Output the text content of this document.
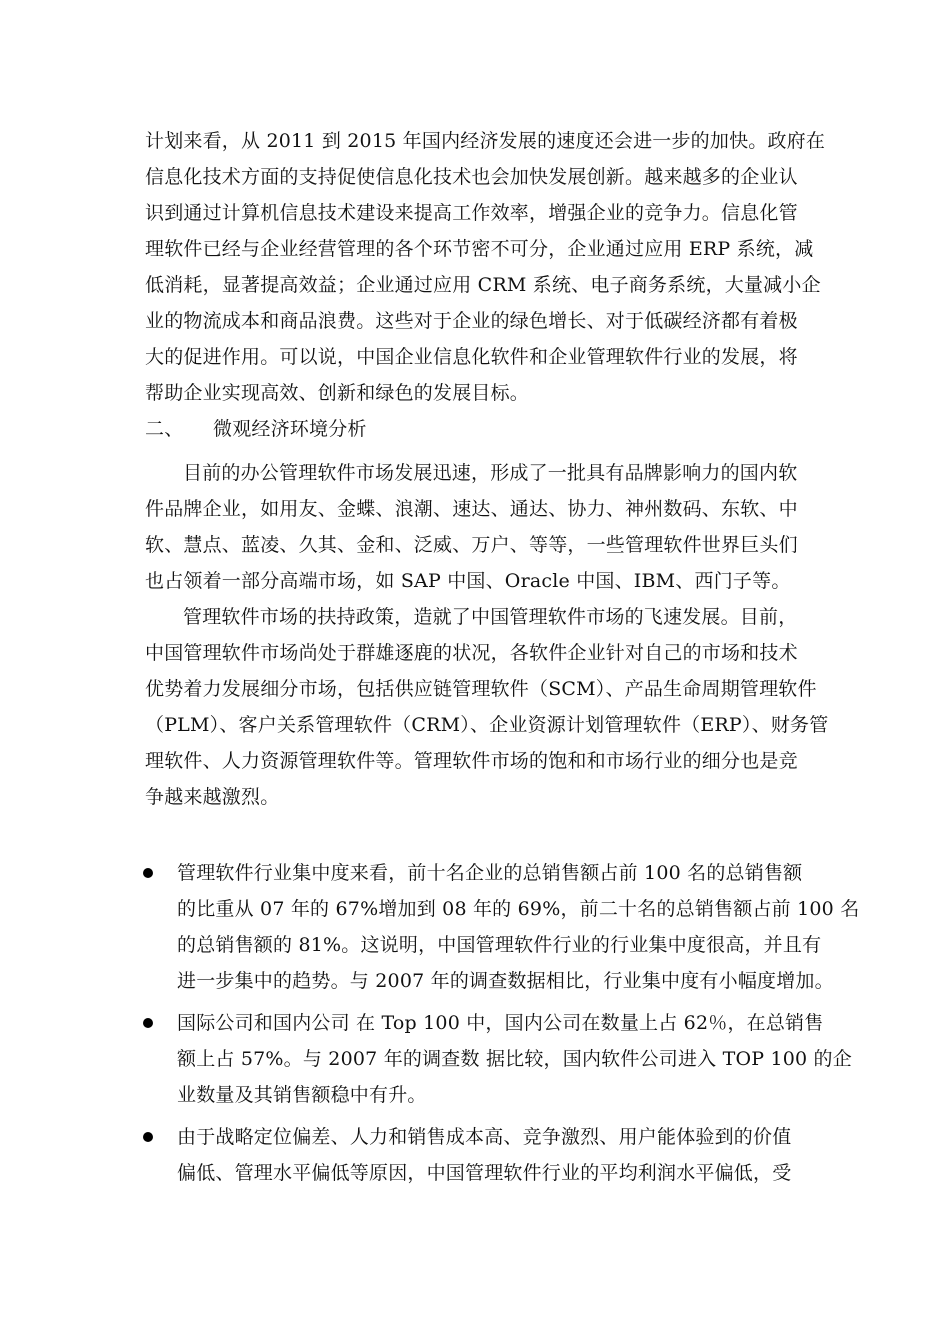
计划来看，从 2011 到 2015 年国内经济发展的速度还会进一步的加快。政府在
信息化技术方面的支持促使信息化技术也会加快发展创新。越来越多的企业认
识到通过计算机信息技术建设来提高工作效率，增强企业的竞争力。信息化管
理软件已经与企业经营管理的各个环节密不可分，企业通过应用 ERP 系统，减
低消耗，显著提高效益；企业通过应用 CRM 系统、电子商务系统，大量减小企
业的物流成本和商品浪费。这些对于企业的绿色增长、对于低碳经济都有着极
大的促进作用。可以说，中国企业信息化软件和企业管理软件行业的发展，将
帮助企业实现高效、创新和绿色的发展目标。
二、 微观经济环境分析
目前的办公管理软件市场发展迅速，形成了一批具有品牌影响力的国内软
件品牌企业，如用友、金蝶、浪潮、速达、通达、协力、神州数码、东软、中
软、慧点、蓝凌、久其、金和、泛威、万户、等等，一些管理软件世界巨头们
也占领着一部分高端市场，如 SAP 中国、Oracle 中国、IBM、西门子等。
管理软件市场的扶持政策，造就了中国管理软件市场的飞速发展。目前，
中国管理软件市场尚处于群雄逐鹿的状况，各软件企业针对自己的市场和技术
优势着力发展细分市场，包括供应链管理软件（SCM）、产品生命周期管理软件
（PLM）、客户关系管理软件（CRM）、企业资源计划管理软件（ERP）、财务管
理软件、人力资源管理软件等。管理软件市场的饱和和市场行业的细分也是竞
争越来越激烈。
管理软件行业集中度来看，前十名企业的总销售额占前 100 名的总销售额
的比重从 07 年的 67%增加到 08 年的 69%，前二十名的总销售额占前 100 名
的总销售额的 81%。这说明，中国管理软件行业的行业集中度很高，并且有
进一步集中的趋势。与 2007 年的调查数据相比，行业集中度有小幅度增加。
国际公司和国内公司 在 Top 100 中，国内公司在数量上占 62％，在总销售
额上占 57%。与 2007 年的调查数 据比较，国内软件公司进入 TOP 100 的企
业数量及其销售额稳中有升。
由于战略定位偏差、人力和销售成本高、竞争激烈、用户能体验到的价值
偏低、管理水平偏低等原因，中国管理软件行业的平均利润水平偏低，受
